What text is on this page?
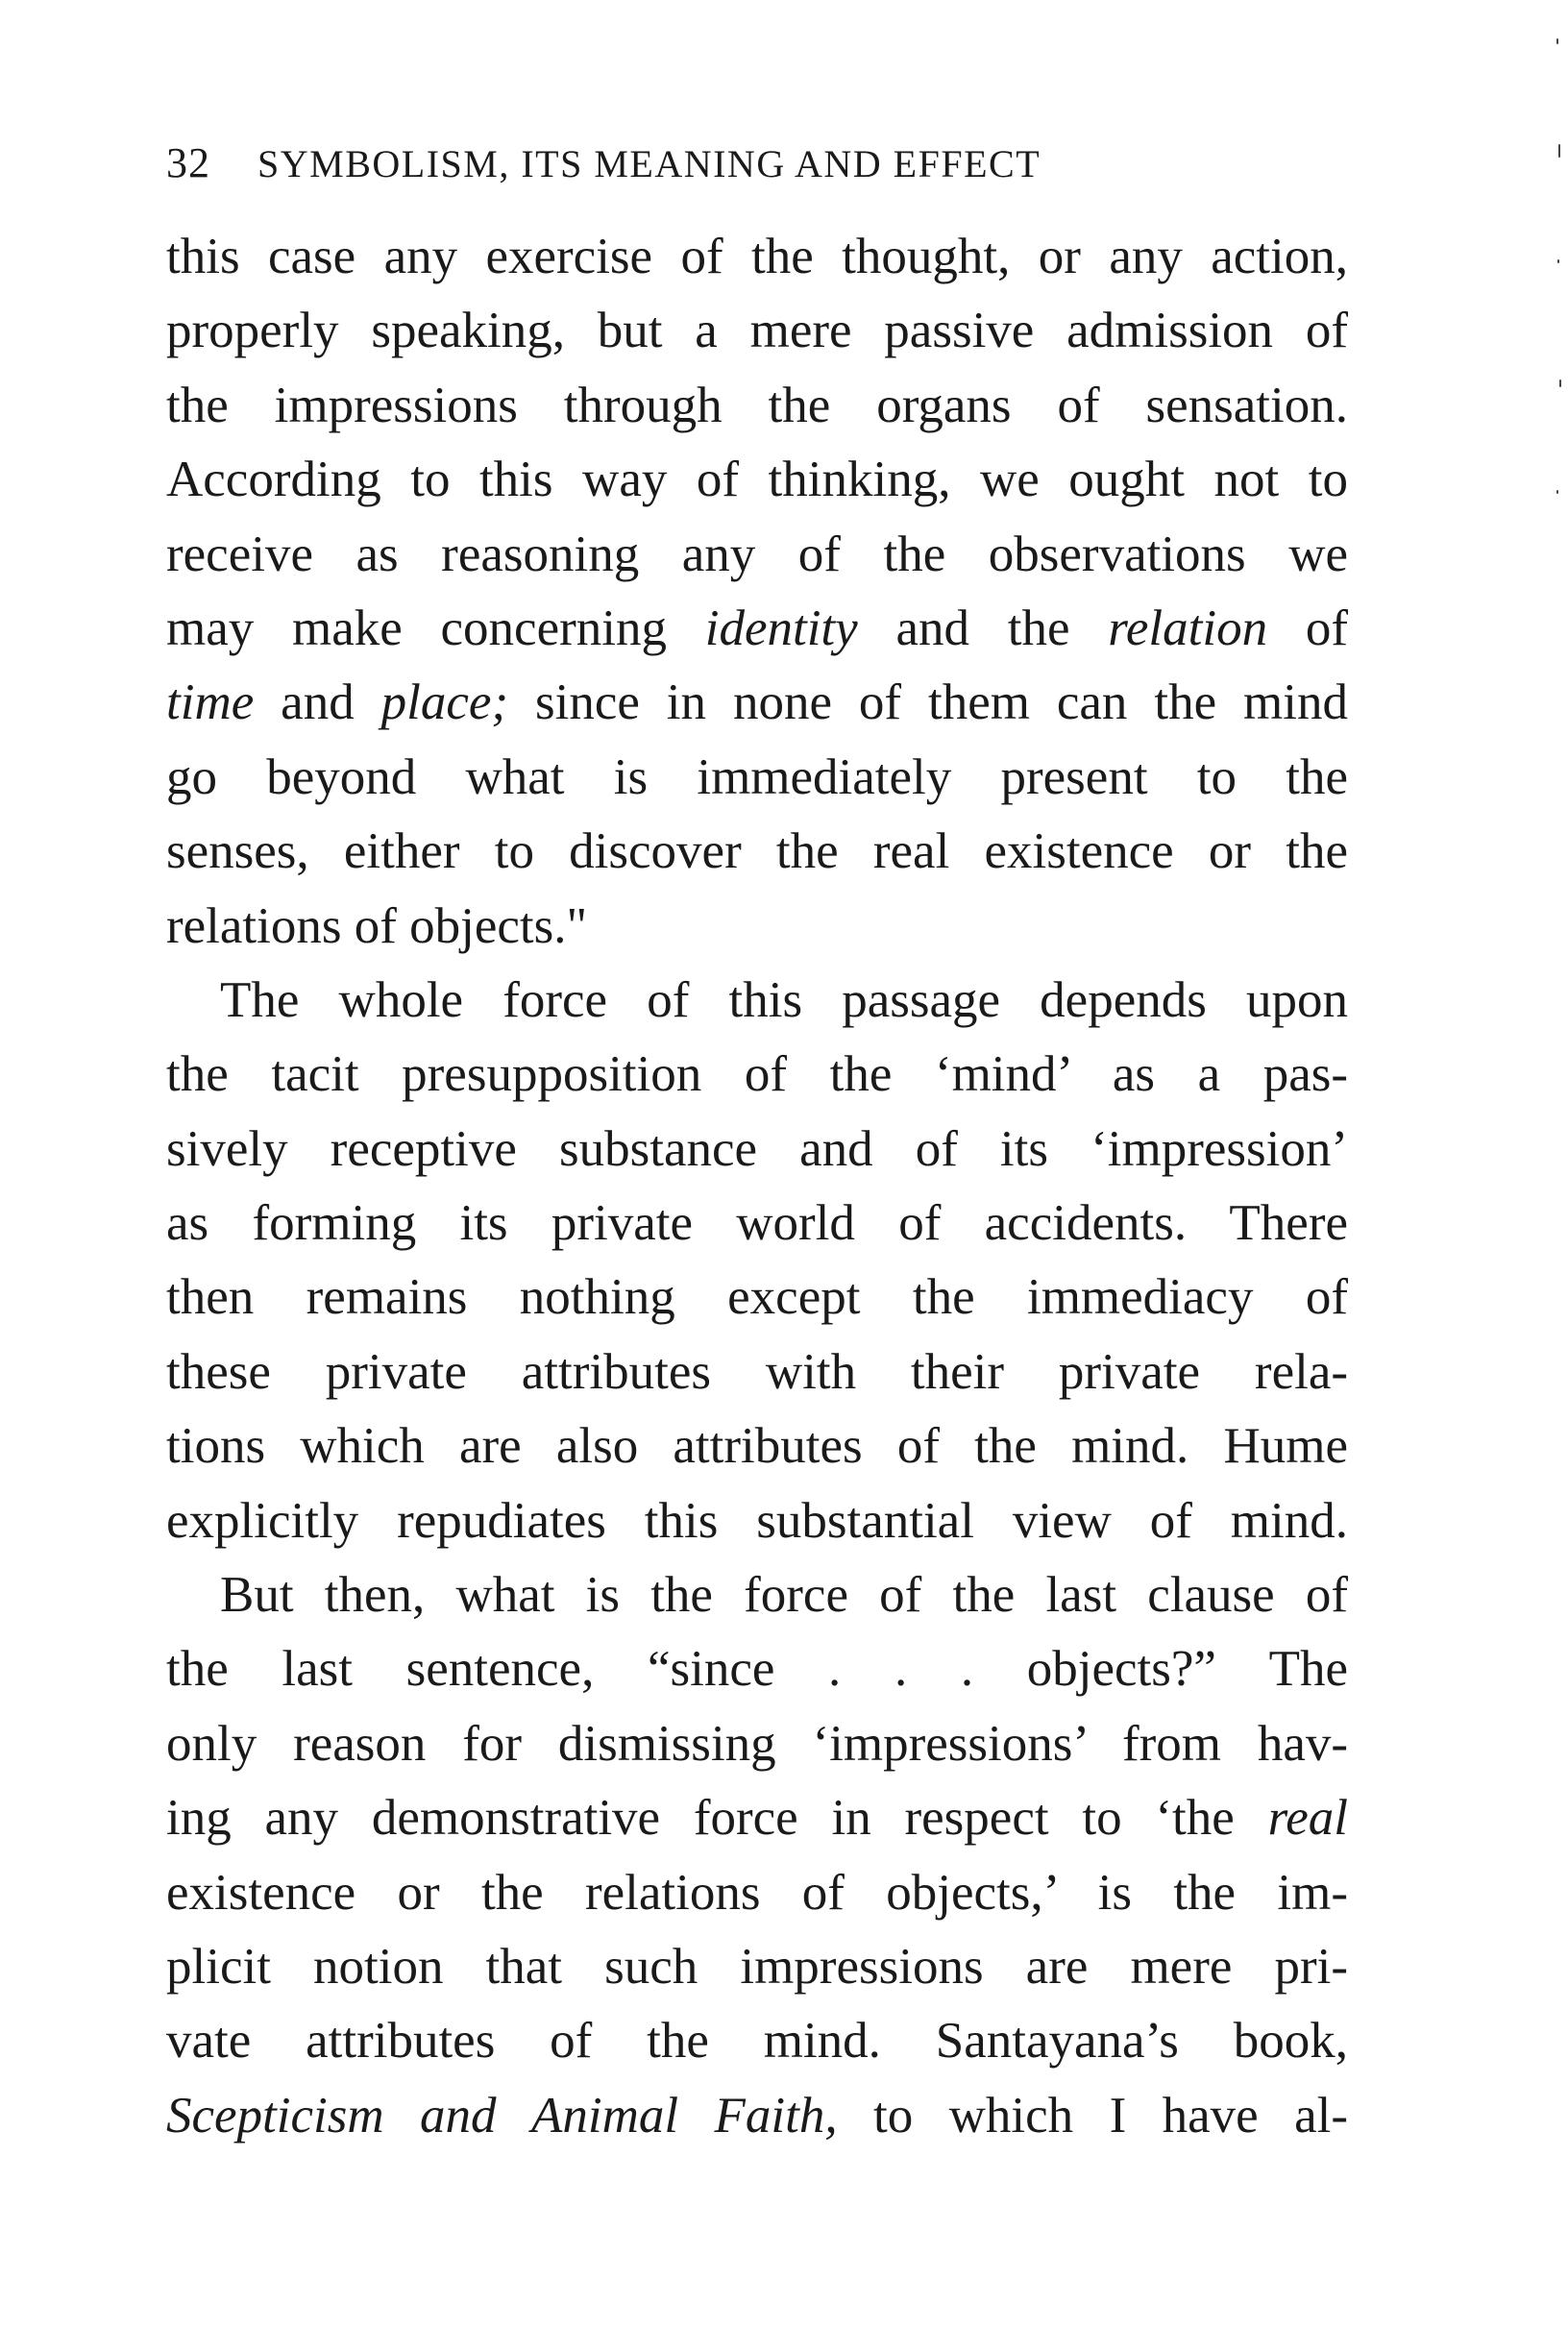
32 SYMBOLISM, ITS MEANING AND EFFECT
this case any exercise of the thought, or any action,
properly speaking, but a mere passive admission of
the impressions through the organs of sensation.
According to this way of thinking, we ought not to
receive as reasoning any of the observations we
may make concerning identity and the relation of
time and place; since in none of them can the mind
go beyond what is immediately present to the
senses, either to discover the real existence or the
relations of objects."
The whole force of this passage depends upon
the tacit presupposition of the ‘mind’ as a pas-
sively receptive substance and of its ‘impression’
as forming its private world of accidents. There
then remains nothing except the immediacy of
these private attributes with their private rela-
tions which are also attributes of the mind. Hume
explicitly repudiates this substantial view of mind.
But then, what is the force of the last clause of
the last sentence, “since . . . objects?” The
only reason for dismissing ‘impressions’ from hav-
ing any demonstrative force in respect to ‘the real
existence or the relations of objects,’ is the im-
plicit notion that such impressions are mere pri-
vate attributes of the mind. Santayana’s book,
Scepticism and Animal Faith, to which I have al-
